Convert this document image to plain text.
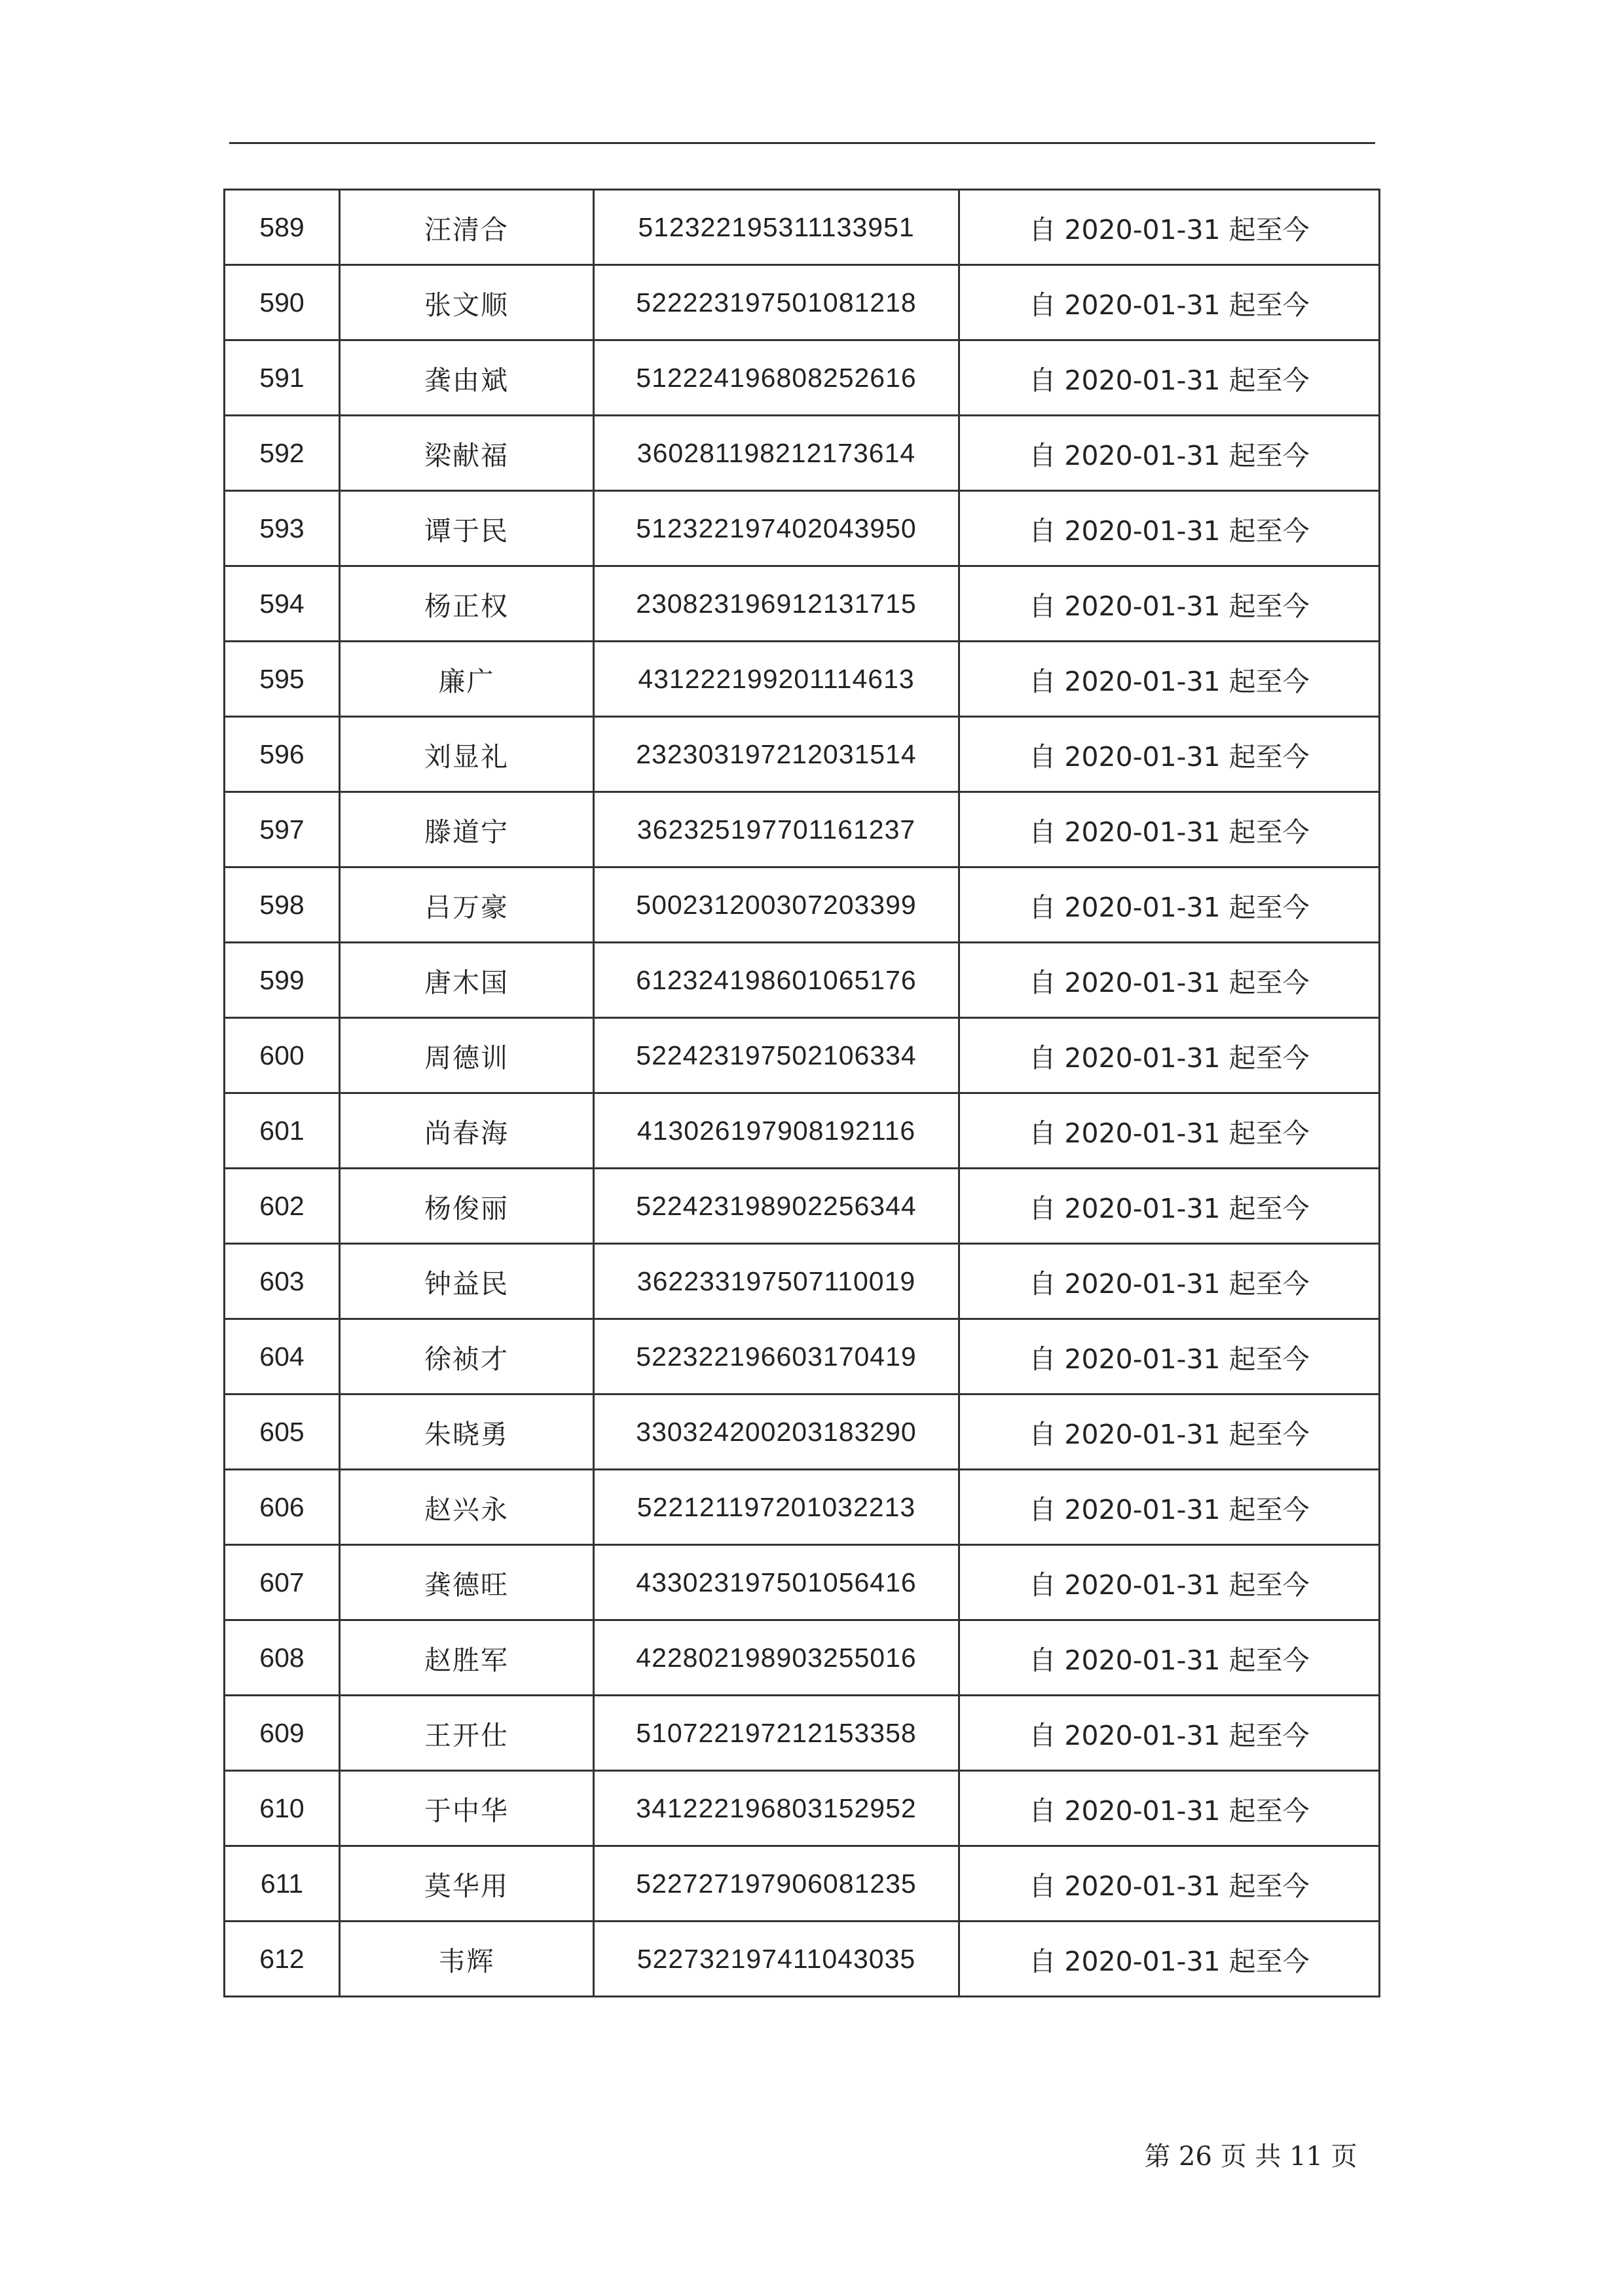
589	汪清合	512322195311133951	自 2020-01-31 起至今
590	张文顺	522223197501081218	自 2020-01-31 起至今
591	龚由斌	512224196808252616	自 2020-01-31 起至今
592	梁献福	360281198212173614	自 2020-01-31 起至今
593	谭于民	512322197402043950	自 2020-01-31 起至今
594	杨正权	230823196912131715	自 2020-01-31 起至今
595	廉广	431222199201114613	自 2020-01-31 起至今
596	刘显礼	232303197212031514	自 2020-01-31 起至今
597	滕道宁	362325197701161237	自 2020-01-31 起至今
598	吕万豪	500231200307203399	自 2020-01-31 起至今
599	唐木国	612324198601065176	自 2020-01-31 起至今
600	周德训	522423197502106334	自 2020-01-31 起至今
601	尚春海	413026197908192116	自 2020-01-31 起至今
602	杨俊丽	522423198902256344	自 2020-01-31 起至今
603	钟益民	362233197507110019	自 2020-01-31 起至今
604	徐祯才	522322196603170419	自 2020-01-31 起至今
605	朱晓勇	330324200203183290	自 2020-01-31 起至今
606	赵兴永	522121197201032213	自 2020-01-31 起至今
607	龚德旺	433023197501056416	自 2020-01-31 起至今
608	赵胜军	422802198903255016	自 2020-01-31 起至今
609	王开仕	510722197212153358	自 2020-01-31 起至今
610	于中华	341222196803152952	自 2020-01-31 起至今
611	莫华用	522727197906081235	自 2020-01-31 起至今
612	韦辉	522732197411043035	自 2020-01-31 起至今
第 26 页 共 11 页
